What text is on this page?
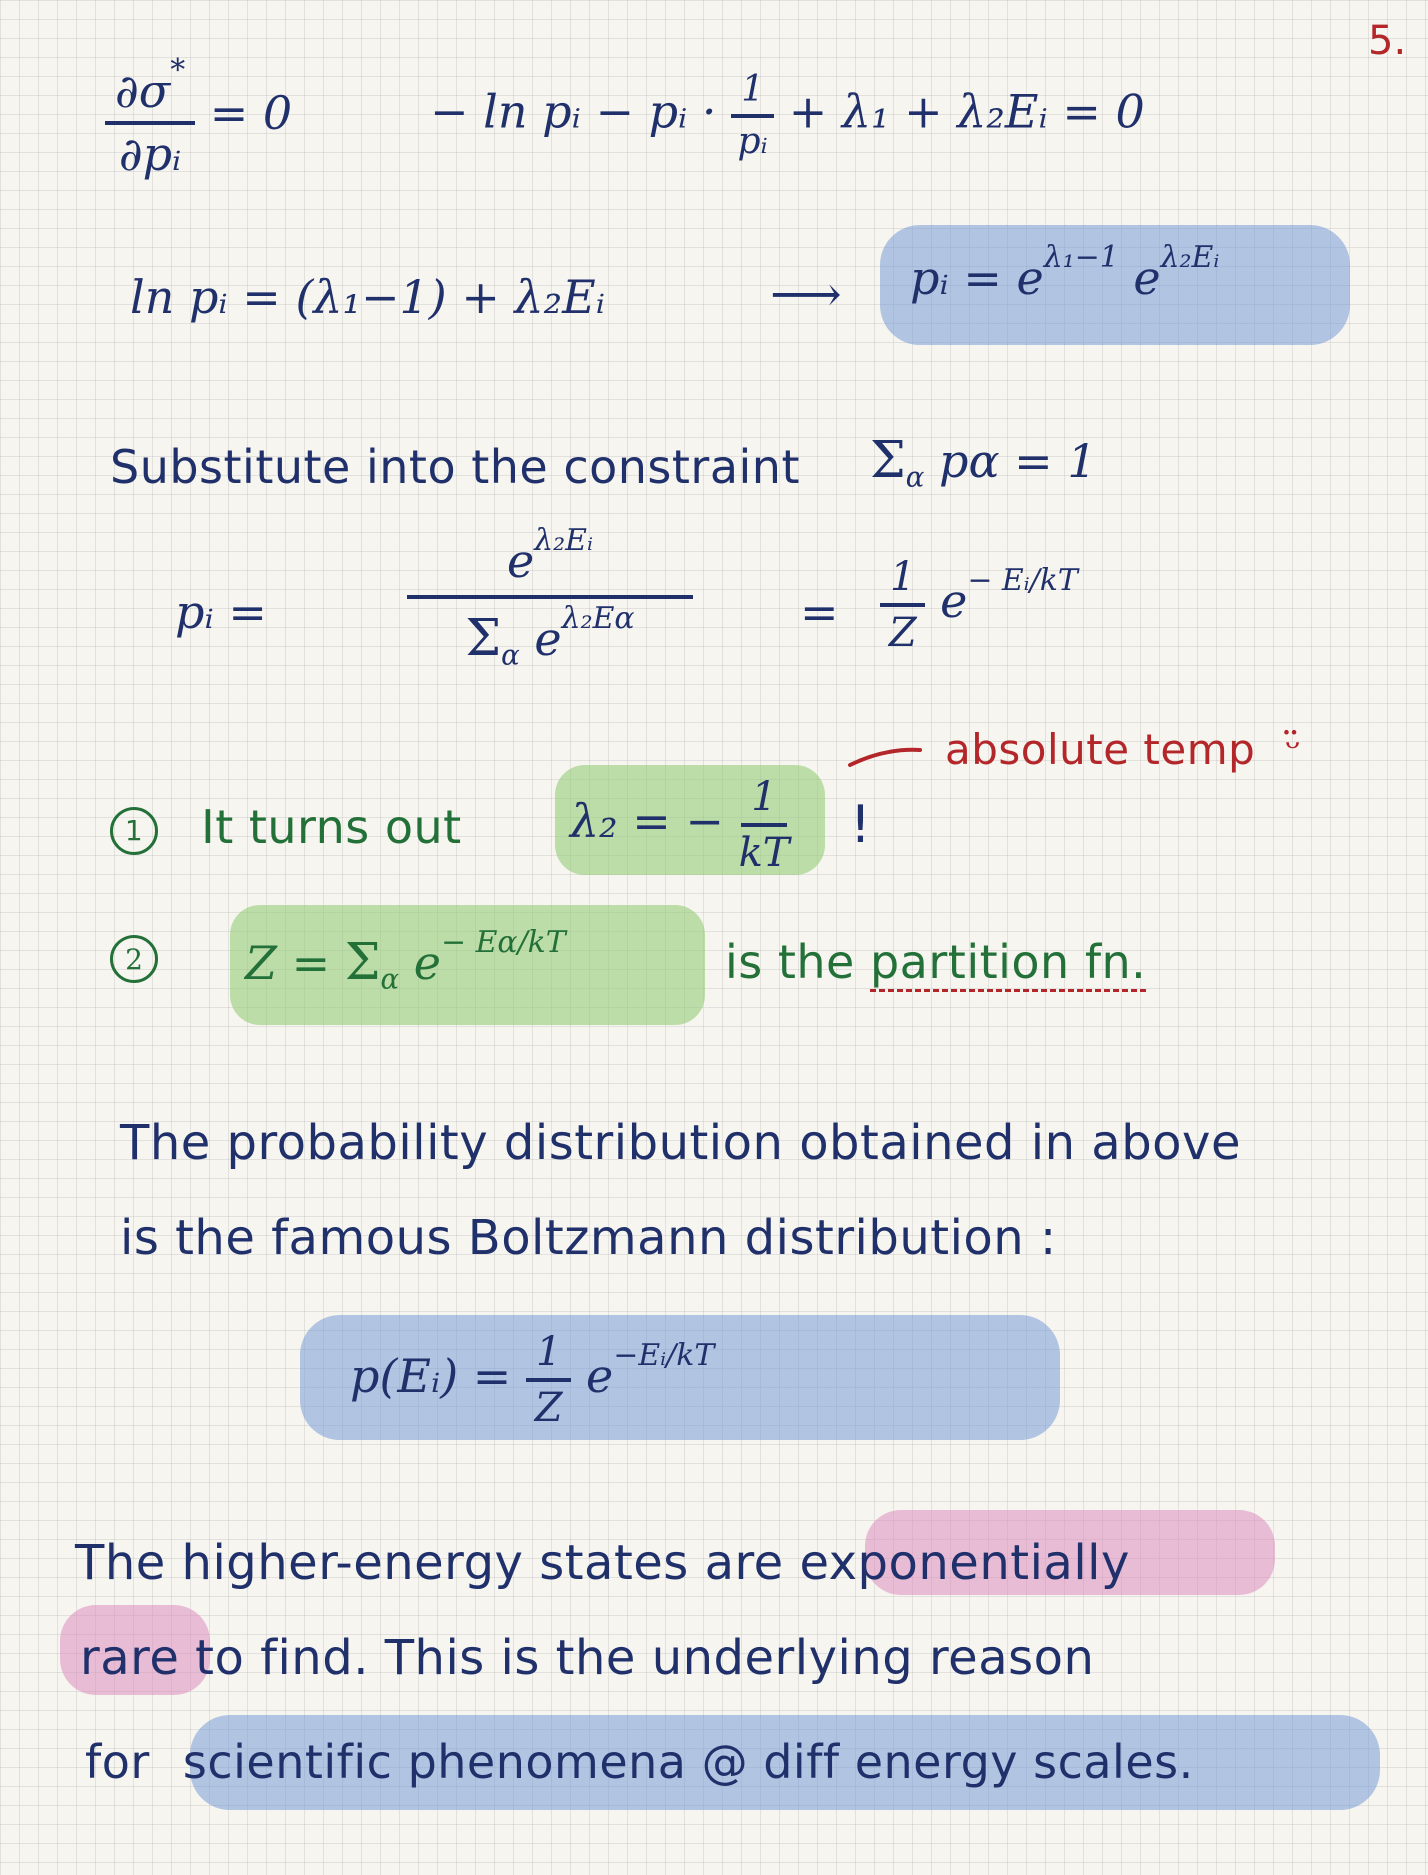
5.
$\frac{\partial\sigma^*}{\text{∂pᵢ}} = 0$	− ln pᵢ − pᵢ · $\frac{1}{\text{pᵢ}} + \lambda_1$ + λ₂Eᵢ = 0
ln pᵢ = (λ₁−1) + λ₂Eᵢ	⟶ pᵢ = $e^{\lambda_1-1}$ $e^{\lambda_2Eᵢ}$
Substitute into the constraint $\Sigma_\alpha$ pα = 1
pᵢ = $\frac{e^{\lambda_2Eᵢ}}{\Sigma_\alpha e^{\lambda_2E\alpha}} = \frac{1}{Z} e^{- Eᵢ/kT}$
absolute temp ᵕ̈
1 It turns out λ₂ = − $\frac{1}{kT}$ !
2	$Z = \Sigma_\alpha$ $e^{- E\alpha/kT}$	is the partition fn.
The probability distribution obtained in above
is the famous Boltzmann distribution :
p(Eᵢ) = $\frac{1}{Z} e^{-Eᵢ/kT}$
The higher-energy states are exponentially
rare to find. This is the underlying reason
for scientific phenomena @ diff energy scales.
